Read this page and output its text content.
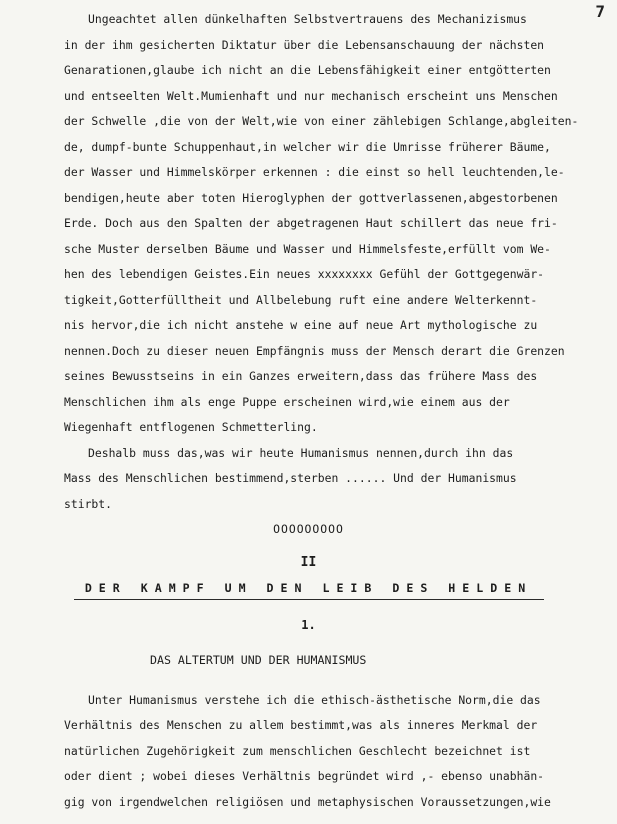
7
Ungeachtet allen dünkelhaften Selbstvertrauens des Mechanizismus
in der ihm gesicherten Diktatur über die Lebensanschauung der nächsten
Genarationen,glaube ich nicht an die Lebensfähigkeit einer entgötterten
und entseelten Welt.Mumienhaft und nur mechanisch erscheint uns Menschen
der Schwelle ,die von der Welt,wie von einer zählebigen Schlange,abgleiten-
de, dumpf-bunte Schuppenhaut,in welcher wir die Umrisse früherer Bäume,
der Wasser und Himmelskörper erkennen : die einst so hell leuchtenden,le-
bendigen,heute aber toten Hieroglyphen der gottverlassenen,abgestorbenen
Erde. Doch aus den Spalten der abgetragenen Haut schillert das neue fri-
sche Muster derselben Bäume und Wasser und Himmelsfeste,erfüllt vom We-
hen des lebendigen Geistes.Ein neues xxxxxxxx Gefühl der Gottgegenwär-
tigkeit,Gotterfülltheit und Allbelebung ruft eine andere Welterkennt-
nis hervor,die ich nicht anstehe w eine auf neue Art mythologische zu
nennen.Doch zu dieser neuen Empfängnis muss der Mensch derart die Grenzen
seines Bewusstseins in ein Ganzes erweitern,dass das frühere Mass des
Menschlichen ihm als enge Puppe erscheinen wird,wie einem aus der
Wiegenhaft entflogenen Schmetterling.
Deshalb muss das,was wir heute Humanismus nennen,durch ihn das
Mass des Menschlichen bestimmend,sterben ...... Und der Humanismus
stirbt.
OOOOOOOOO
II
DER KAMPF UM DEN LEIB DES HELDEN
1.
DAS ALTERTUM UND DER HUMANISMUS
Unter Humanismus verstehe ich die ethisch-ästhetische Norm,die das
Verhältnis des Menschen zu allem bestimmt,was als inneres Merkmal der
natürlichen Zugehörigkeit zum menschlichen Geschlecht bezeichnet ist
oder dient ; wobei dieses Verhältnis begründet wird ,- ebenso unabhän-
gig von irgendwelchen religiösen und metaphysischen Voraussetzungen,wie
